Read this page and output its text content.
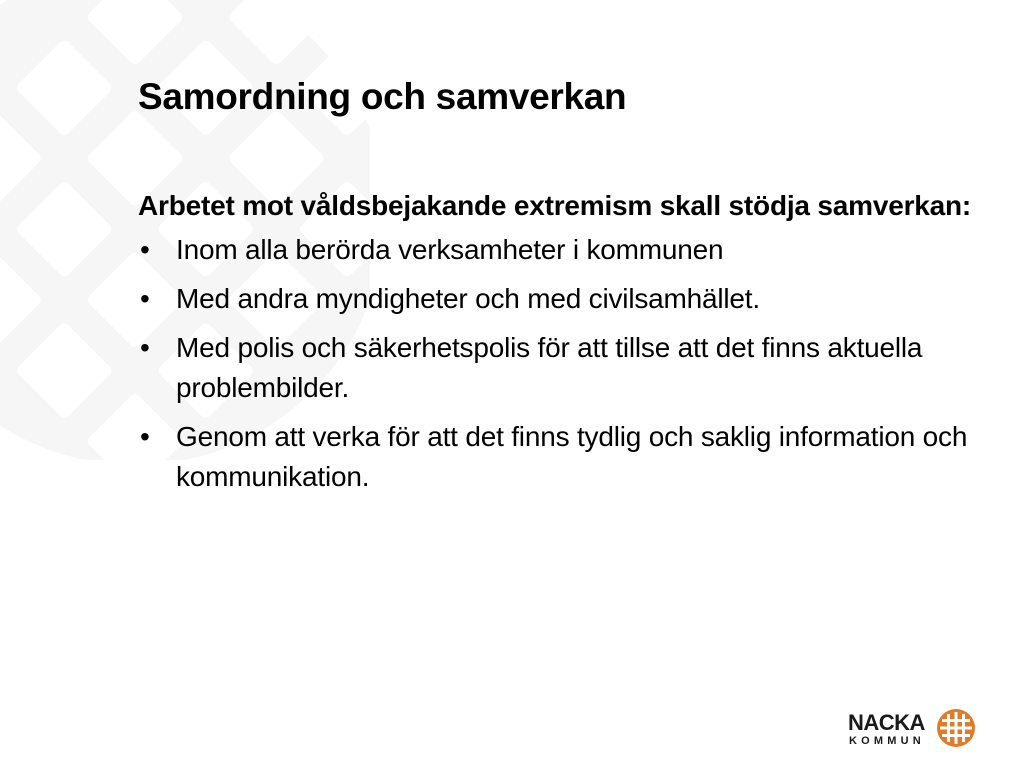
Samordning och samverkan

Arbetet mot våldsbejakande extremism skall stödja samverkan:

• Inom alla berörda verksamheter i kommunen
• Med andra myndigheter och med civilsamhället.
• Med polis och säkerhetspolis för att tillse att det finns aktuella problembilder.
• Genom att verka för att det finns tydlig och saklig information och kommunikation.
NACKA
KOMMUN
